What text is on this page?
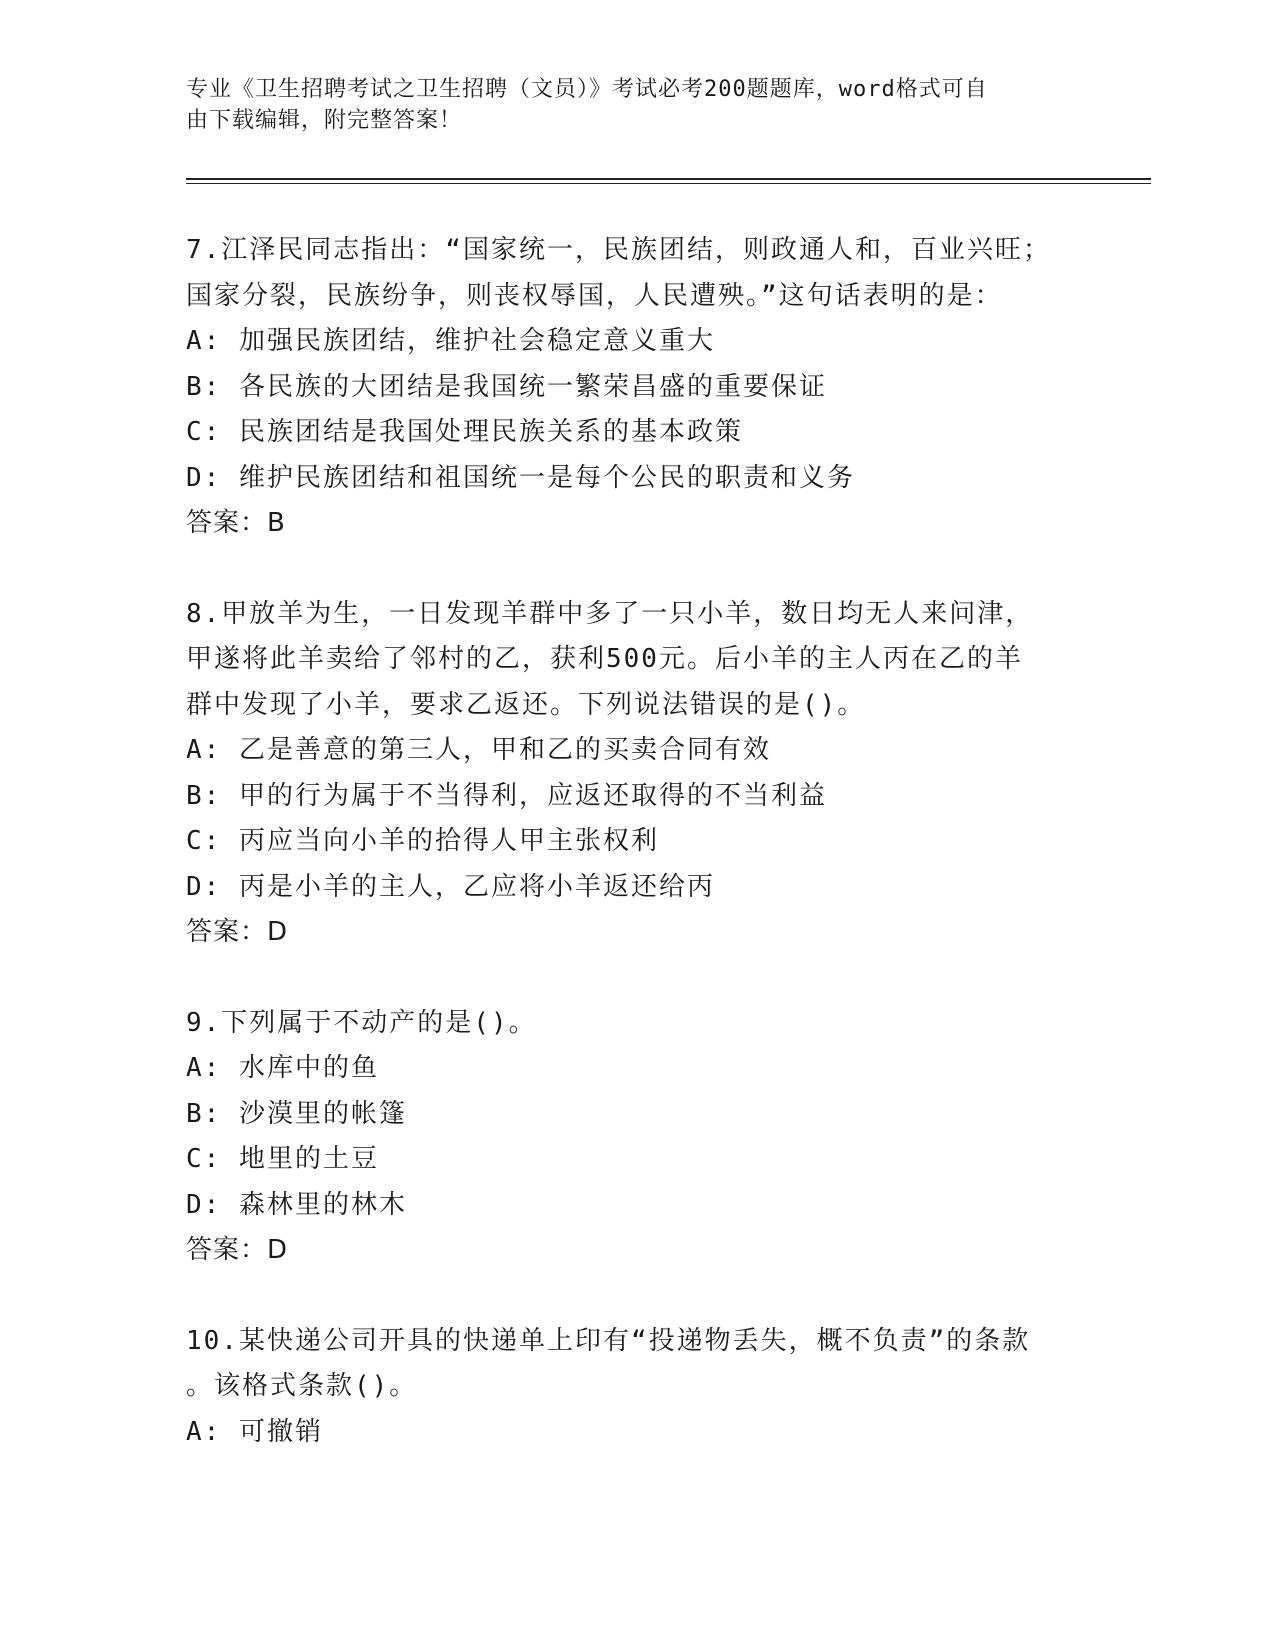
专业《卫生招聘考试之卫生招聘（文员）》考试必考200题题库，word格式可自
由下载编辑，附完整答案！
7.江泽民同志指出：“国家统一，民族团结，则政通人和，百业兴旺；
国家分裂，民族纷争，则丧权辱国，人民遭殃。”这句话表明的是：
A: 加强民族团结，维护社会稳定意义重大
B: 各民族的大团结是我国统一繁荣昌盛的重要保证
C: 民族团结是我国处理民族关系的基本政策
D: 维护民族团结和祖国统一是每个公民的职责和义务
答案：B
8.甲放羊为生，一日发现羊群中多了一只小羊，数日均无人来问津，
甲遂将此羊卖给了邻村的乙，获利500元。后小羊的主人丙在乙的羊
群中发现了小羊，要求乙返还。下列说法错误的是()。
A: 乙是善意的第三人，甲和乙的买卖合同有效
B: 甲的行为属于不当得利，应返还取得的不当利益
C: 丙应当向小羊的拾得人甲主张权利
D: 丙是小羊的主人，乙应将小羊返还给丙
答案：D
9.下列属于不动产的是()。
A: 水库中的鱼
B: 沙漠里的帐篷
C: 地里的土豆
D: 森林里的林木
答案：D
10.某快递公司开具的快递单上印有“投递物丢失，概不负责”的条款
。该格式条款()。
A: 可撤销
